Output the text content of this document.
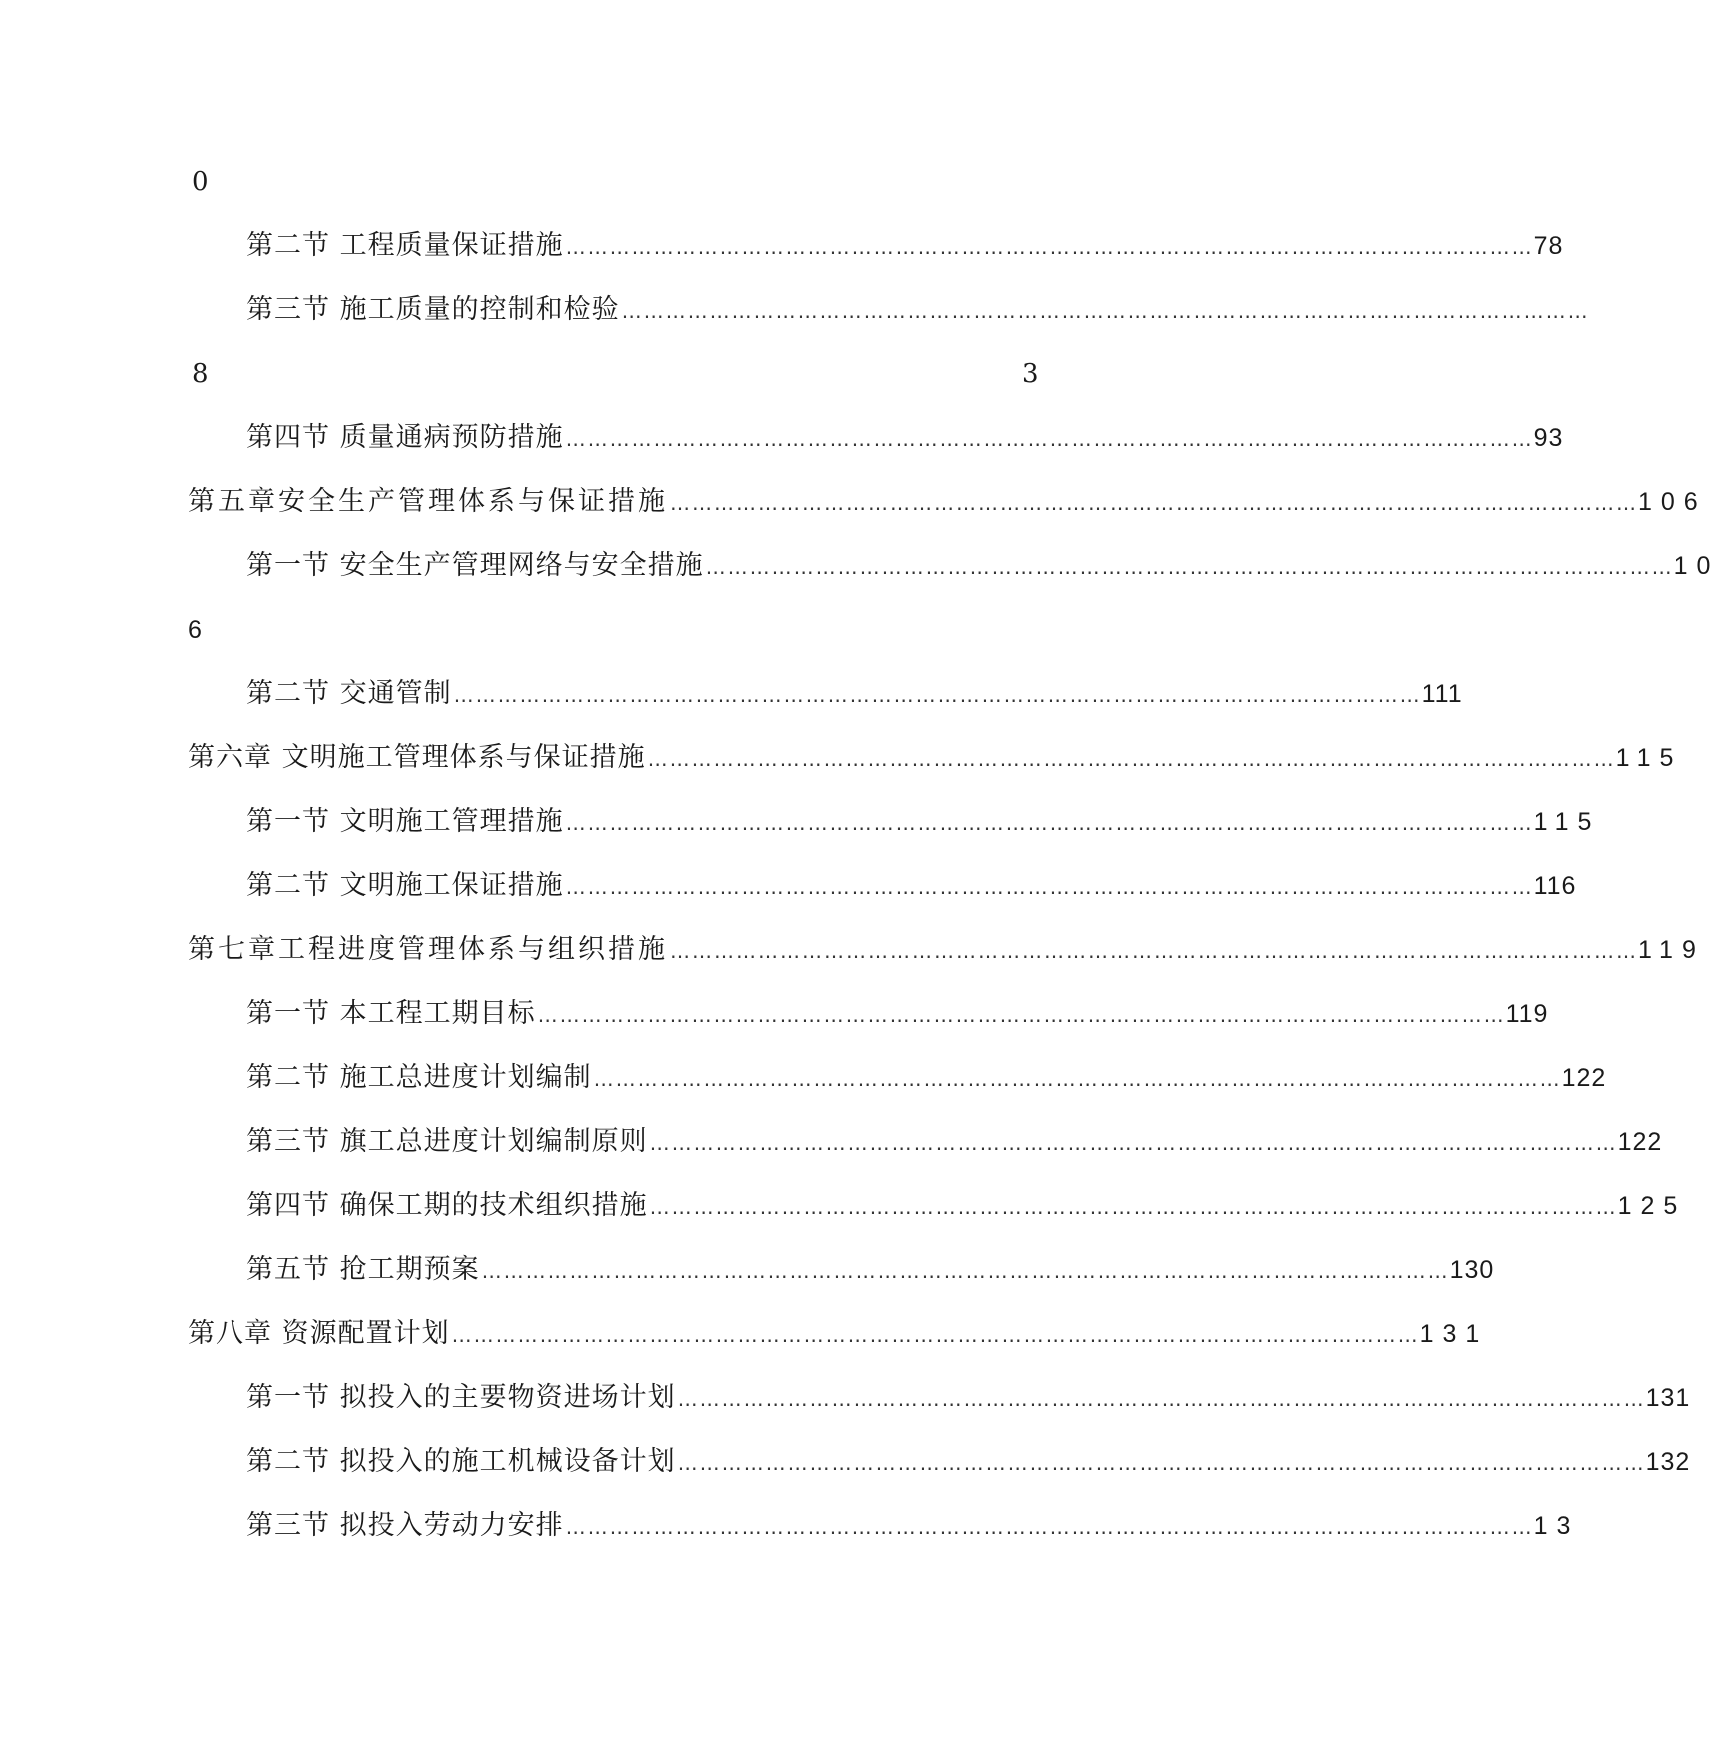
0
第二节 工程质量保证措施 …………………………………………………………………………………………………………………… 78
第三节 施工质量的控制和检验 ……………………………………………………………………………………………………………………
8	3
第四节 质量通病预防措施 …………………………………………………………………………………………………………………… 93
第五章安全生产管理体系与保证措施 …………………………………………………………………………………………………………………… 106
第一节 安全生产管理网络与安全措施 …………………………………………………………………………………………………………………… 10
6
第二节 交通管制 …………………………………………………………………………………………………………………… 111
第六章 文明施工管理体系与保证措施 …………………………………………………………………………………………………………………… 115
第一节 文明施工管理措施 …………………………………………………………………………………………………………………… 115
第二节 文明施工保证措施 …………………………………………………………………………………………………………………… 116
第七章工程进度管理体系与组织措施 …………………………………………………………………………………………………………………… 119
第一节 本工程工期目标 …………………………………………………………………………………………………………………… 119
第二节 施工总进度计划编制 …………………………………………………………………………………………………………………… 122
第三节 旗工总进度计划编制原则 …………………………………………………………………………………………………………………… 122
第四节 确保工期的技术组织措施 …………………………………………………………………………………………………………………… 125
第五节 抢工期预案 …………………………………………………………………………………………………………………… 130
第八章 资源配置计划 …………………………………………………………………………………………………………………… 131
第一节 拟投入的主要物资进场计划 …………………………………………………………………………………………………………………… 131
第二节 拟投入的施工机械设备计划 …………………………………………………………………………………………………………………… 132
第三节 拟投入劳动力安排 …………………………………………………………………………………………………………………… 13
